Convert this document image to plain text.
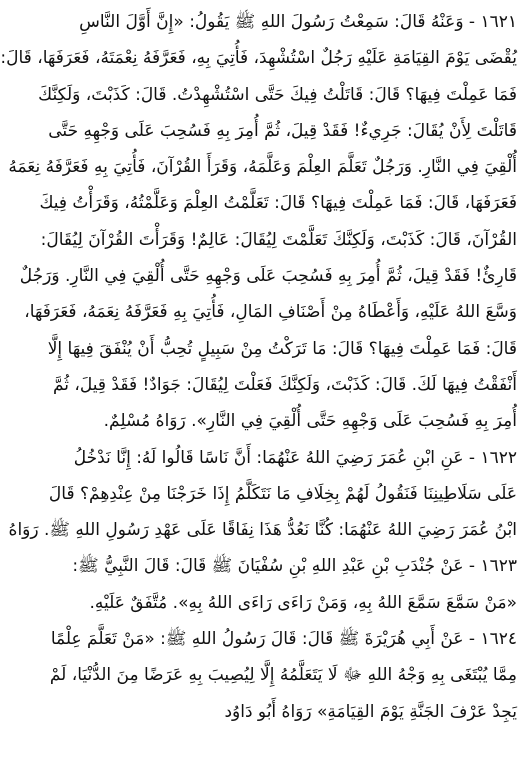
١٦٢١ - وَعَنْهُ قَالَ: سَمِعْتُ رَسُولَ اللهِ ﷺ يَقُولُ: «إِنَّ أَوَّلَ النَّاسِ
يُقْضَى يَوْمَ القِيَامَةِ عَلَيْهِ رَجُلٌ اسْتُشْهِدَ، فَأُتِيَ بِهِ، فَعَرَّفَهُ نِعْمَتَهُ، فَعَرَفَهَا، قَالَ:
فَمَا عَمِلْتَ فِيهَا؟ قَالَ: قَاتَلْتُ فِيكَ حَتَّى اسْتُشْهِدْتُ. قَالَ: كَذَبْتَ، وَلَكِنَّكَ
قَاتَلْتَ لِأَنْ يُقَالَ: جَرِيءٌ! فَقَدْ قِيلَ، ثُمَّ أُمِرَ بِهِ فَسُحِبَ عَلَى وَجْهِهِ حَتَّى
أُلْقِيَ فِي النَّارِ. وَرَجُلٌ تَعَلَّمَ العِلْمَ وَعَلَّمَهُ، وَقَرَأَ القُرْآنَ، فَأُتِيَ بِهِ فَعَرَّفَهُ نِعَمَهُ
فَعَرَفَهَا، قَالَ: فَمَا عَمِلْتَ فِيهَا؟ قَالَ: تَعَلَّمْتُ العِلْمَ وَعَلَّمْتُهُ، وَقَرَأْتُ فِيكَ
القُرْآنَ، قَالَ: كَذَبْتَ، وَلَكِنَّكَ تَعَلَّمْتَ لِيُقَالَ: عَالِمٌ! وَقَرَأْتَ القُرْآنَ لِيُقَالَ:
قَارِئٌ! فَقَدْ قِيلَ، ثُمَّ أُمِرَ بِهِ فَسُحِبَ عَلَى وَجْهِهِ حَتَّى أُلْقِيَ فِي النَّارِ. وَرَجُلٌ
وَسَّعَ اللهُ عَلَيْهِ، وَأَعْطَاهُ مِنْ أَصْنَافِ المَالِ، فَأُتِيَ بِهِ فَعَرَّفَهُ نِعَمَهُ، فَعَرَفَهَا،
قَالَ: فَمَا عَمِلْتَ فِيهَا؟ قَالَ: مَا تَرَكْتُ مِنْ سَبِيلٍ تُحِبُّ أَنْ يُنْفَقَ فِيهَا إِلَّا
أَنْفَقْتُ فِيهَا لَكَ. قَالَ: كَذَبْتَ، وَلَكِنَّكَ فَعَلْتَ لِيُقَالَ: جَوَادٌ! فَقَدْ قِيلَ، ثُمَّ
أُمِرَ بِهِ فَسُحِبَ عَلَى وَجْهِهِ حَتَّى أُلْقِيَ فِي النَّارِ». رَوَاهُ مُسْلِمٌ.
١٦٢٢ - عَنِ ابْنِ عُمَرَ رَضِيَ اللهُ عَنْهُمَا: أَنَّ نَاسًا قَالُوا لَهُ: إِنَّا نَدْخُلُ
عَلَى سَلَاطِينِنَا فَنَقُولُ لَهُمْ بِخِلَافِ مَا نَتَكَلَّمُ إِذَا خَرَجْنَا مِنْ عِنْدِهِمْ؟ قَالَ
ابْنُ عُمَرَ رَضِيَ اللهُ عَنْهُمَا: كُنَّا نَعُدُّ هَذَا نِفَاقًا عَلَى عَهْدِ رَسُولِ اللهِ ﷺ. رَوَاهُ
١٦٢٣ - عَنْ جُنْدَبِ بْنِ عَبْدِ اللهِ بْنِ سُفْيَانَ ﷺ قَالَ: قَالَ النَّبِيُّ ﷺ:
«مَنْ سَمَّعَ سَمَّعَ اللهُ بِهِ، وَمَنْ رَاءَى رَاءَى اللهُ بِهِ». مُتَّفَقٌ عَلَيْهِ.
١٦٢٤ - عَنْ أَبِي هُرَيْرَةَ ﷺ قَالَ: قَالَ رَسُولُ اللهِ ﷺ: «مَنْ تَعَلَّمَ عِلْمًا
مِمَّا يُبْتَغَى بِهِ وَجْهُ اللهِ ﷻ لَا يَتَعَلَّمُهُ إِلَّا لِيُصِيبَ بِهِ عَرَضًا مِنَ الدُّنْيَا، لَمْ
يَجِدْ عَرْفَ الجَنَّةِ يَوْمَ القِيَامَةِ» رَوَاهُ أَبُو دَاوُد
